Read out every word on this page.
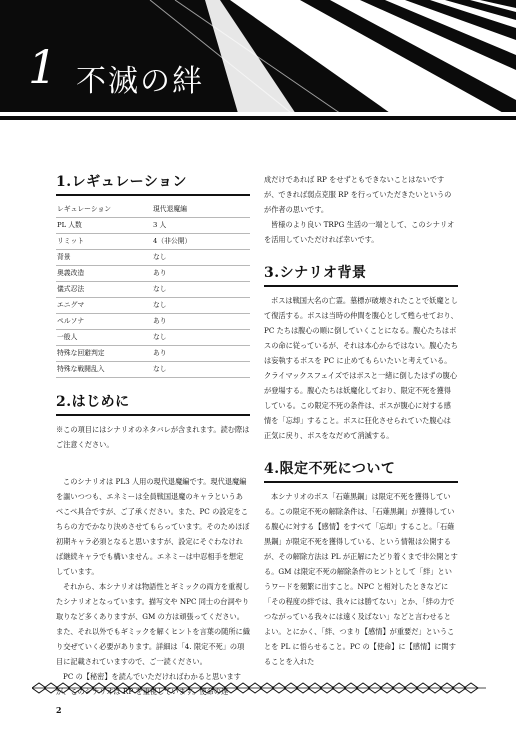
1 不滅の絆
1.レギュレーション
レギュレーション	現代退魔編
PL 人数	3 人
リミット	4（非公開）
背景	なし
奥義改造	あり
儀式忍法	なし
エニグマ	なし
ペルソナ	あり
一般人	なし
特殊な回避判定	あり
特殊な戦闘乱入	なし
2.はじめに

※この項目にはシナリオのネタバレが含まれます。読む際はご注意ください。

このシナリオは PL3 人用の現代退魔編です。現代退魔編を謳いつつも、エネミーは全員戦国退魔のキャラというあべこべ具合ですが、ご了承ください。また、PC の設定をこちらの方でかなり決めさせてもらっています。そのためほぼ初期キャラ必須となると思いますが、設定にそぐわなければ継続キャラでも構いません。エネミーは中忍相手を想定しています。

それから、本シナリオは物語性とギミックの両方を重視したシナリオとなっています。描写文や NPC 同士の台詞やり取りなど多くありますが、GM の方は頑張ってください。また、それ以外でもギミックを解くヒントを言葉の随所に織り交ぜていく必要があります。詳細は「4. 限定不死」の項目に記載されていますので、ご一読ください。

PC の【秘密】を読んでいただければわかると思いますが、このシナリオは RP を重視しています。使命の達

成だけであれば RP をせずともできないことはないですが、できれば弱点克服 RP を行っていただきたいというのが作者の思いです。

皆様のより良い TRPG 生活の一端として、このシナリオを活用していただければ幸いです。

3.シナリオ背景

ボスは戦国大名の亡霊。墓標が破壊されたことで妖魔として復活する。ボスは当時の仲間を腹心として甦らせており、PC たちは腹心の順に倒していくことになる。腹心たちはボスの命に従っているが、それは本心からではない。腹心たちは妄執するボスを PC に止めてもらいたいと考えている。クライマックスフェイズではボスと一緒に倒したはずの腹心が登場する。腹心たちは妖魔化しており、限定不死を獲得している。この限定不死の条件は、ボスが腹心に対する感情を「忘却」すること。ボスに狂化させられていた腹心は正気に戻り、ボスをなだめて消滅する。

4.限定不死について

本シナリオのボス「石薙黒鋼」は限定不死を獲得している。この限定不死の解除条件は、「石薙黒鋼」が獲得している腹心に対する【感情】をすべて「忘却」すること。「石薙黒鋼」が限定不死を獲得している、という情報は公開するが、その解除方法は PL が正解にたどり着くまで非公開とする。GM は限定不死の解除条件のヒントとして「絆」というワードを頻繁に出すこと。NPC と相対したときなどに「その程度の絆では、我々には勝てない」とか、「絆の力でつながっている我々には遠く及ばない」などと言わせるとよい。とにかく、「絆、つまり【感情】が重要だ」ということを PL に悟らせること。PC の【使命】に【感情】に関することを入れた

2
